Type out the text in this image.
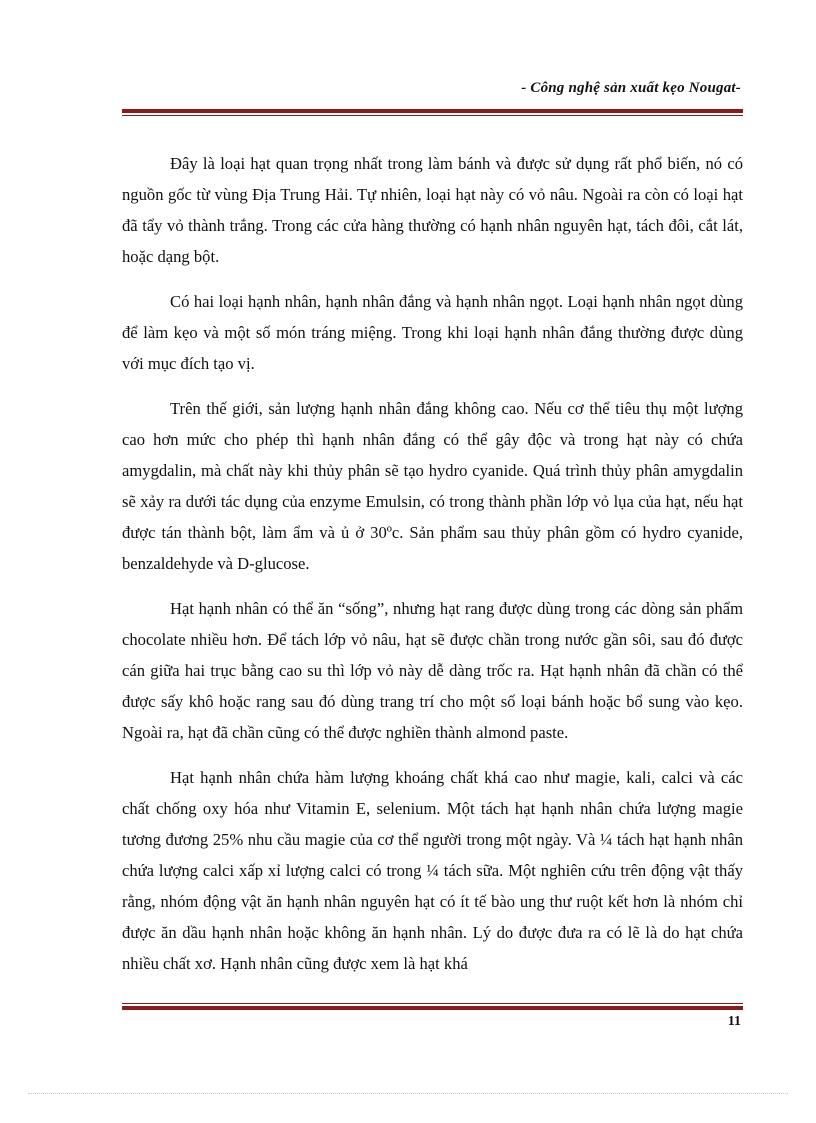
- Công nghệ sản xuất kẹo Nougat-

Đây là loại hạt quan trọng nhất trong làm bánh và được sử dụng rất phổ biến, nó có nguồn gốc từ vùng Địa Trung Hải. Tự nhiên, loại hạt này có vỏ nâu. Ngoài ra còn có loại hạt đã tẩy vỏ thành trắng. Trong các cửa hàng thường có hạnh nhân nguyên hạt, tách đôi, cắt lát, hoặc dạng bột.

Có hai loại hạnh nhân, hạnh nhân đắng và hạnh nhân ngọt. Loại hạnh nhân ngọt dùng để làm kẹo và một số món tráng miệng. Trong khi loại hạnh nhân đắng thường được dùng với mục đích tạo vị.

Trên thế giới, sản lượng hạnh nhân đắng không cao. Nếu cơ thể tiêu thụ một lượng cao hơn mức cho phép thì hạnh nhân đắng có thể gây độc và trong hạt này có chứa amygdalin, mà chất này khi thủy phân sẽ tạo hydro cyanide. Quá trình thủy phân amygdalin sẽ xảy ra dưới tác dụng của enzyme Emulsin, có trong thành phần lớp vỏ lụa của hạt, nếu hạt được tán thành bột, làm ẩm và ủ ở 30ºc. Sản phẩm sau thủy phân gồm có hydro cyanide, benzaldehyde và D-glucose.

Hạt hạnh nhân có thể ăn “sống”, nhưng hạt rang được dùng trong các dòng sản phẩm chocolate nhiều hơn. Để tách lớp vỏ nâu, hạt sẽ được chần trong nước gần sôi, sau đó được cán giữa hai trục bằng cao su thì lớp vỏ này dễ dàng trốc ra. Hạt hạnh nhân đã chần có thể được sấy khô hoặc rang sau đó dùng trang trí cho một số loại bánh hoặc bổ sung vào kẹo. Ngoài ra, hạt đã chần cũng có thể được nghiền thành almond paste.

Hạt hạnh nhân chứa hàm lượng khoáng chất khá cao như magie, kali, calci và các chất chống oxy hóa như Vitamin E, selenium. Một tách hạt hạnh nhân chứa lượng magie tương đương 25% nhu cầu magie của cơ thể người trong một ngày. Và ¼ tách hạt hạnh nhân chứa lượng calci xấp xỉ lượng calci có trong ¼ tách sữa. Một nghiên cứu trên động vật thấy rằng, nhóm động vật ăn hạnh nhân nguyên hạt có ít tế bào ung thư ruột kết hơn là nhóm chỉ được ăn dầu hạnh nhân hoặc không ăn hạnh nhân. Lý do được đưa ra có lẽ là do hạt chứa nhiều chất xơ. Hạnh nhân cũng được xem là hạt khá

11
